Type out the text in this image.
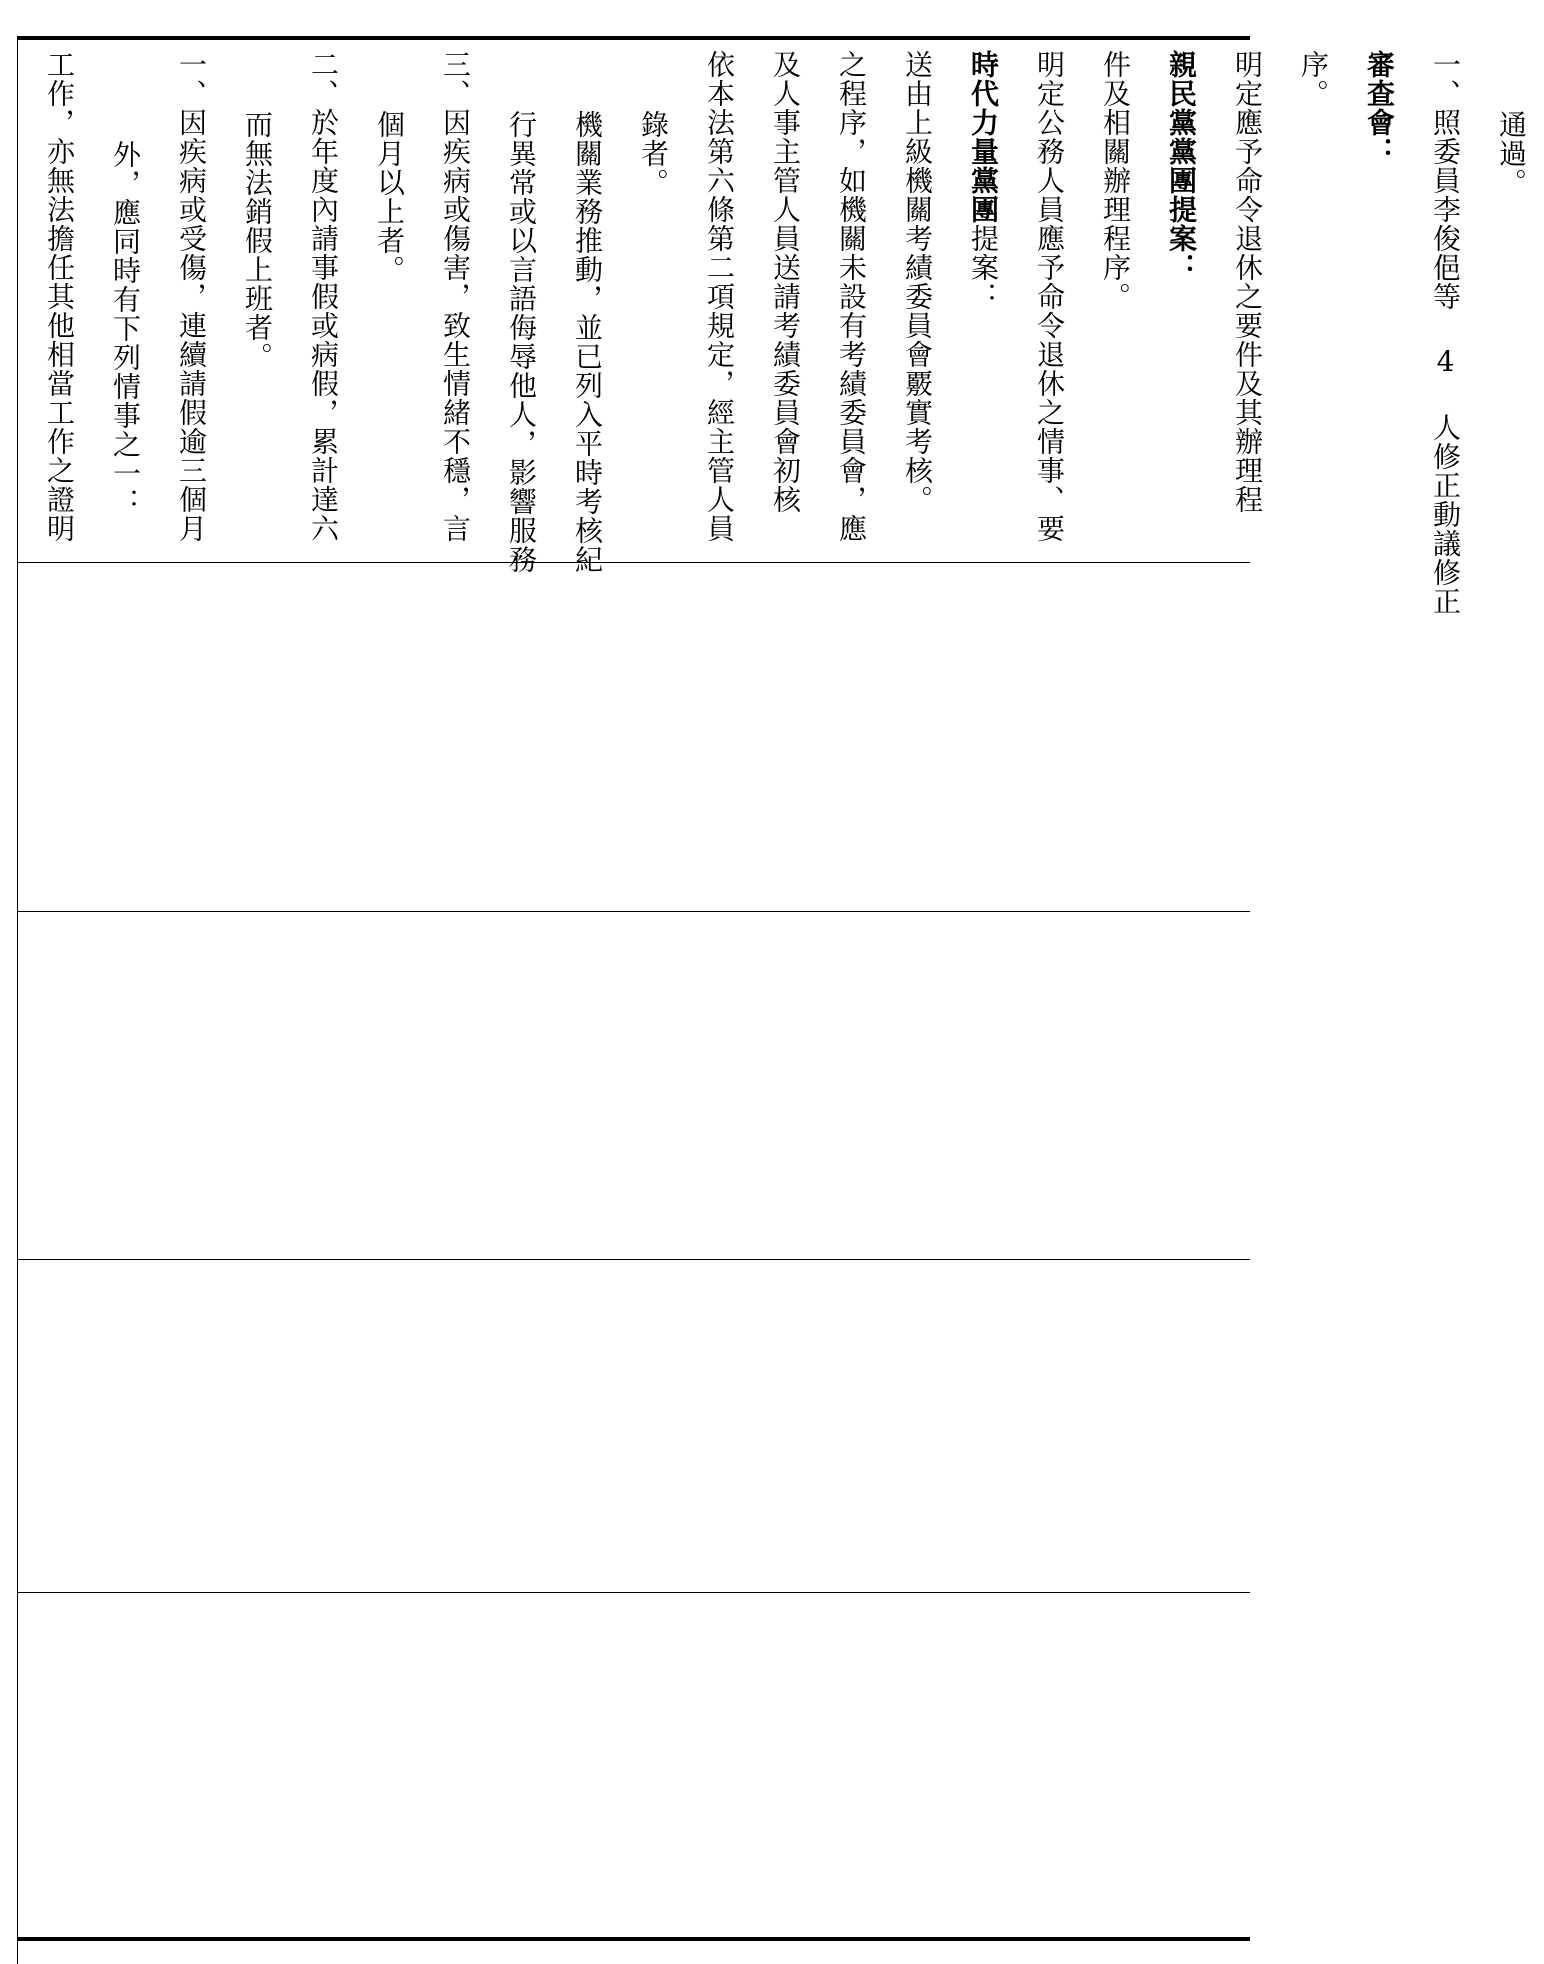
工作，亦無法擔任其他相當工作之證明	外，應同時有下列情事之一：	一、因疾病或受傷，連續請假逾三個月	而無法銷假上班者。	二、於年度內請事假或病假，累計達六	個月以上者。	三、因疾病或傷害，致生情緒不穩，言	行異常或以言語侮辱他人，影響服務	機關業務推動，並已列入平時考核紀	錄者。	依本法第六條第二項規定，經主管人員	及人事主管人員送請考績委員會初核	之程序，如機關未設有考績委員會，應	送由上級機關考績委員會覈實考核。	時代力量黨團提案：	明定公務人員應予命令退休之情事、要	件及相關辦理程序。	親民黨黨團提案：	明定應予命令退休之要件及其辦理程	序。	審查會：	一、照委員李俊俋等 4 人修正動議修正	通過。
